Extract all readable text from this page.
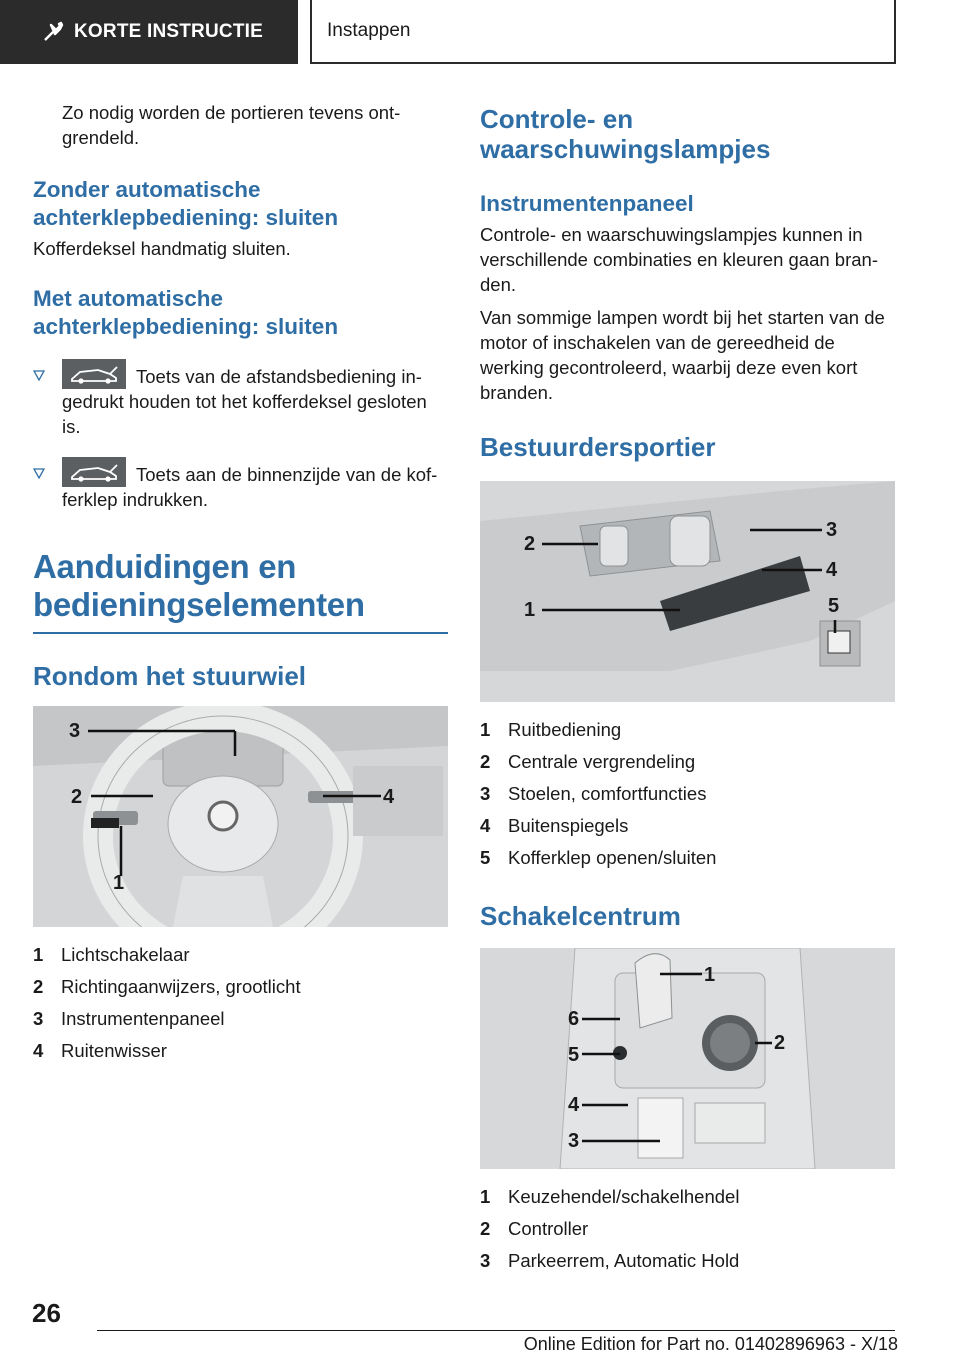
KORTE INSTRUCTIE	Instappen

Zo nodig worden de portieren tevens ont-grendeld.

Zonder automatische achterklepbediening: sluiten

Kofferdeksel handmatig sluiten.

Met automatische achterklepbediening: sluiten
Toets van de afstandsbediening in-gedrukt houden tot het kofferdeksel gesloten is.
Toets aan de binnenzijde van de kof-ferklep indrukken.
Aanduidingen en bedieningselementen
Rondom het stuurwiel
3
2	4
1
1 Lichtschakelaar
2 Richtingaanwijzers, grootlicht
3 Instrumentenpaneel
4 Ruitenwisser
Controle- en waarschuwingslampjes
Instrumentenpaneel

Controle- en waarschuwingslampjes kunnen in verschillende combinaties en kleuren gaan bran-den.

Van sommige lampen wordt bij het starten van de motor of inschakelen van de gereedheid de werking gecontroleerd, waarbij deze even kort branden.

Bestuurdersportier
2
3
4
1	5
1 Ruitbediening
2 Centrale vergrendeling
3 Stoelen, comfortfuncties
4 Buitenspiegels
5 Kofferklep openen/sluiten
Schakelcentrum
1
2
6
5
4
3
1 Keuzehendel/schakelhendel
2 Controller
3 Parkeerrem, Automatic Hold
26
Online Edition for Part no. 01402896963 - X/18
